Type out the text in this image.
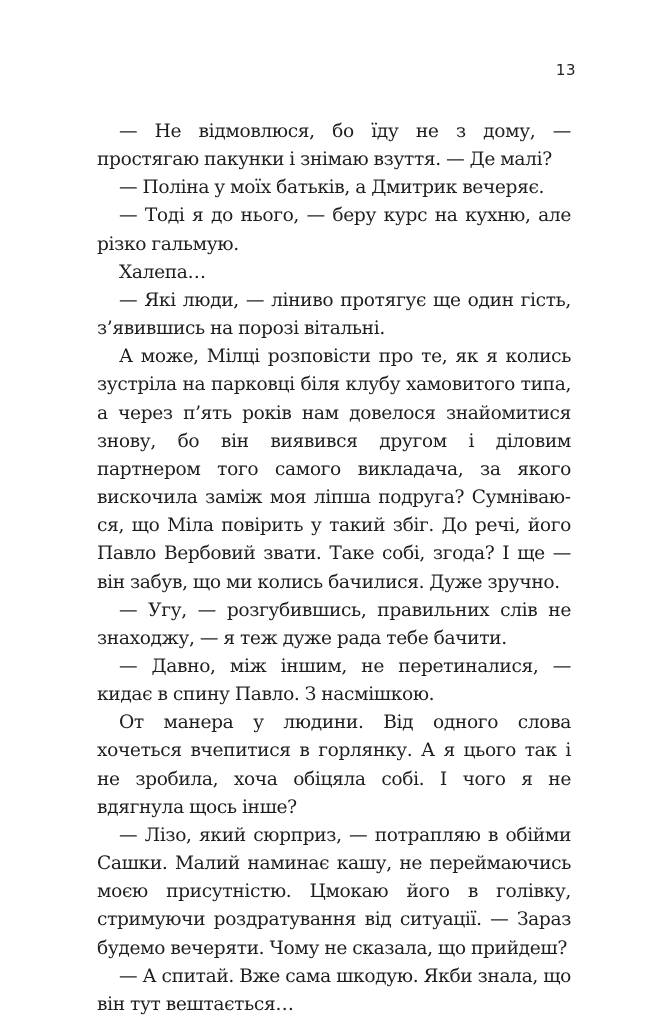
13

— Не відмовлюся, бо їду не з дому, — простягаю пакунки і знімаю взуття. — Де малі?

— Поліна у моїх батьків, а Дмитрик вечеряє.

— Тоді я до нього, — беру курс на кухню, але різко гальмую.

Халепа…

— Які люди, — ліниво протягує ще один гість, з’явившись на порозі вітальні.

А може, Мілці розповісти про те, як я колись зустріла на парковці біля клубу хамовитого типа, а через п’ять років нам довелося знайомитися знову, бо він виявився другом і діловим партнером того самого викладача, за якого вискочила заміж моя ліпша подруга? Сумніваюся, що Міла повірить у такий збіг. До речі, його Павло Вербовий звати. Таке собі, згода? І ще — він забув, що ми колись бачилися. Дуже зручно.

— Угу, — розгубившись, правильних слів не знаходжу, — я теж дуже рада тебе бачити.

— Давно, між іншим, не перетиналися, — кидає в спину Павло. З насмішкою.

От манера у людини. Від одного слова хочеться вчепитися в горлянку. А я цього так і не зробила, хоча обіцяла собі. І чого я не вдягнула щось інше?

— Лізо, який сюрприз, — потрапляю в обійми Сашки. Малий наминає кашу, не переймаючись моєю присутністю. Цмокаю його в голівку, стримуючи роздратування від ситуації. — Зараз будемо вечеряти. Чому не сказала, що прийдеш?

— А спитай. Вже сама шкодую. Якби знала, що він тут вештається…
